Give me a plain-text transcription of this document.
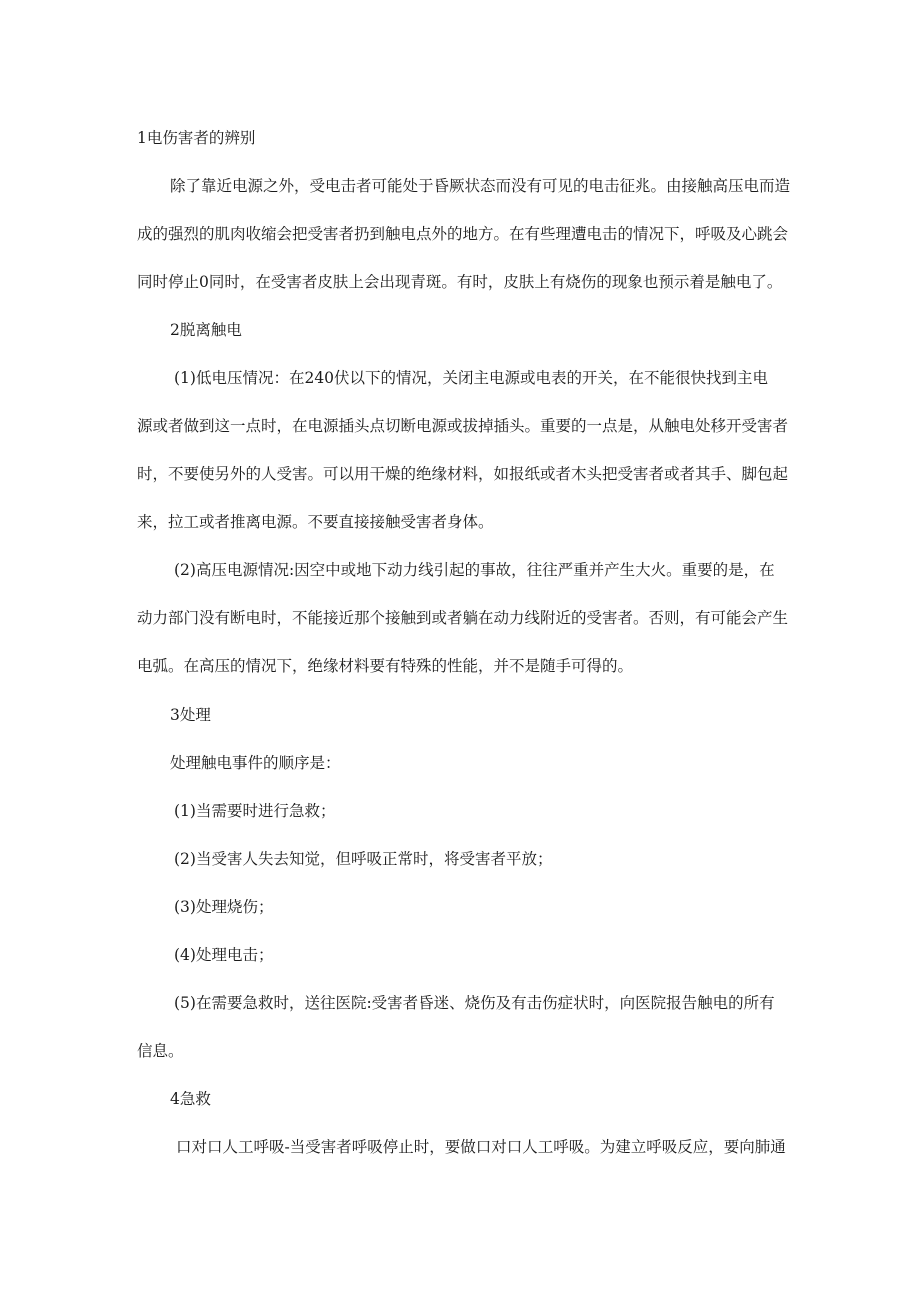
1电伤害者的辨别
除了靠近电源之外，受电击者可能处于昏厥状态而没有可见的电击征兆。由接触高压电而造
成的强烈的肌肉收缩会把受害者扔到触电点外的地方。在有些理遭电击的情况下，呼吸及心跳会
同时停止0同时，在受害者皮肤上会出现青斑。有时，皮肤上有烧伤的现象也预示着是触电了。
2脱离触电
(1)低电压情况：在240伏以下的情况，关闭主电源或电表的开关，在不能很快找到主电
源或者做到这一点时，在电源插头点切断电源或拔掉插头。重要的一点是，从触电处移开受害者
时，不要使另外的人受害。可以用干燥的绝缘材料，如报纸或者木头把受害者或者其手、脚包起
来，拉工或者推离电源。不要直接接触受害者身体。
(2)高压电源情况:因空中或地下动力线引起的事故，往往严重并产生大火。重要的是，在
动力部门没有断电时，不能接近那个接触到或者躺在动力线附近的受害者。否则，有可能会产生
电弧。在高压的情况下，绝缘材料要有特殊的性能，并不是随手可得的。
3处理
处理触电事件的顺序是：
(1)当需要时进行急救；
(2)当受害人失去知觉，但呼吸正常时，将受害者平放；
(3)处理烧伤；
(4)处理电击；
(5)在需要急救时，送往医院:受害者昏迷、烧伤及有击伤症状时，向医院报告触电的所有
信息。
4急救
口对口人工呼吸-当受害者呼吸停止时，要做口对口人工呼吸。为建立呼吸反应，要向肺通
